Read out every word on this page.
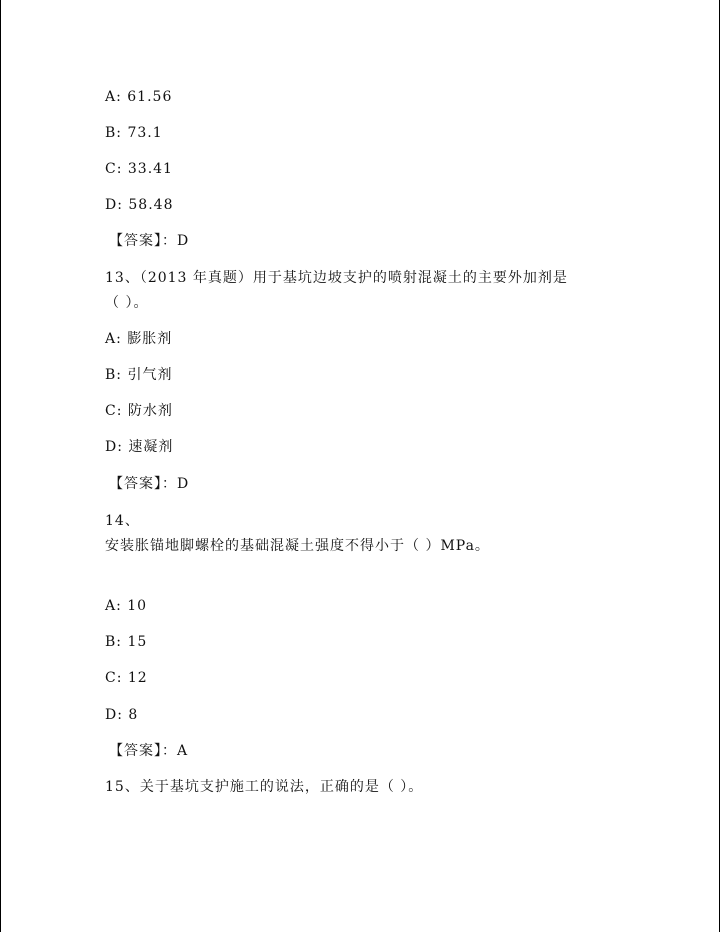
A: 61.56
B: 73.1
C: 33.41
D: 58.48
【答案】：D
13、（2013 年真题）用于基坑边坡支护的喷射混凝土的主要外加剂是
（ ）。
A: 膨胀剂
B: 引气剂
C: 防水剂
D: 速凝剂
【答案】：D
14、
安装胀锚地脚螺栓的基础混凝土强度不得小于（ ）MPa。
A: 10
B: 15
C: 12
D: 8
【答案】：A
15、关于基坑支护施工的说法，正确的是（ ）。
